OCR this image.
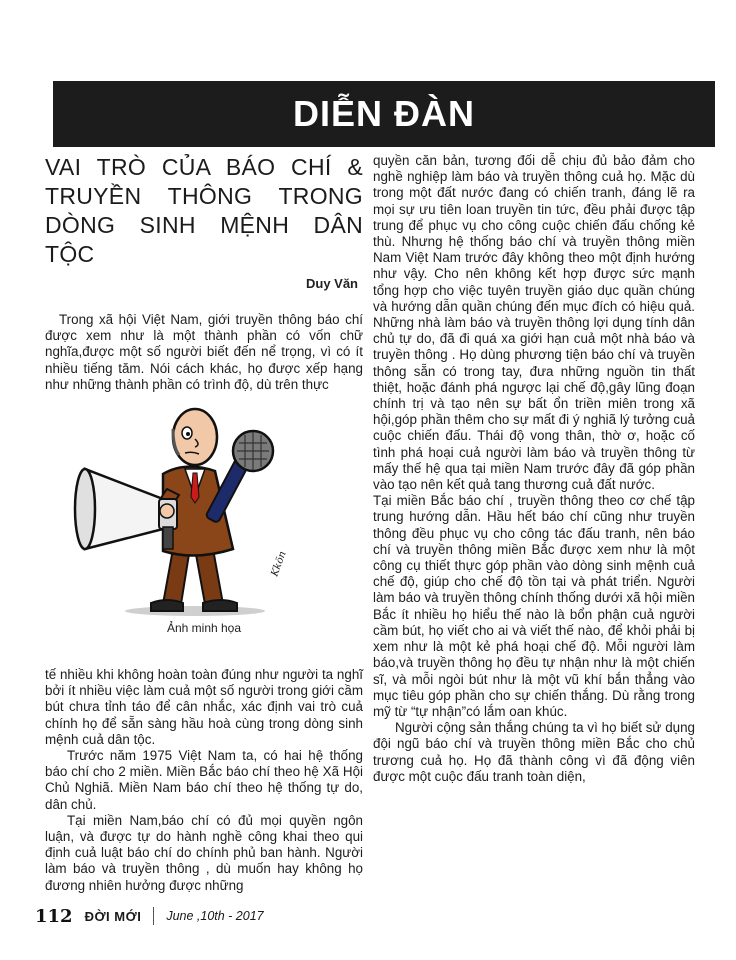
DIỄN ĐÀN
VAI TRÒ CỦA BÁO CHÍ &
TRUYỀN THÔNG TRONG
DÒNG SINH MỆNH DÂN TỘC
Duy Văn

Trong xã hội Việt Nam, giới truyền thông báo chí được xem như là một thành phần có vốn chữ nghĩa,được một số người biết đến nể trọng, vì có ít nhiều tiếng tăm. Nói cách khác, họ được xếp hạng như những thành phần có trình độ, dù trên thực

Kkön
Ảnh minh họa

tế nhiều khi không hoàn toàn đúng như người ta nghĩ bởi ít nhiều việc làm cuả một số người trong giới cầm bút chưa tỉnh táo để cân nhắc, xác định vai trò cuả chính họ để sẵn sàng hầu hoà cùng trong dòng sinh mệnh cuả dân tộc.

Trước năm 1975 Việt Nam ta, có hai hệ thống báo chí cho 2 miền. Miền Bắc báo chí theo hệ Xã Hội Chủ Nghiã. Miền Nam báo chí theo hệ thống tự do, dân chủ.

Tại miền Nam,báo chí có đủ mọi quyền ngôn luận, và được tự do hành nghề công khai theo qui định cuả luật báo chí do chính phủ ban hành. Người làm báo và truyền thông , dù muốn hay không họ đương nhiên hưởng được những

quyền căn bản, tương đối dễ chịu đủ bảo đảm cho nghề nghiệp làm báo và truyền thông cuả họ. Mặc dù trong một đất nước đang có chiến tranh, đáng lẽ ra mọi sự ưu tiên loan truyền tin tức, đều phải được tập trung để phục vụ cho công cuộc chiến đấu chống kẻ thù. Nhưng hệ thống báo chí và truyền thông miền Nam Việt Nam trước đây không theo một định hướng như vậy. Cho nên không kết hợp được sức mạnh tổng hợp cho việc tuyên truyền giáo dục quần chúng và hướng dẫn quần chúng đến mục đích có hiệu quả. Những nhà làm báo và truyền thông lợi dụng tính dân chủ tự do, đã đi quá xa giới hạn cuả một nhà báo và truyền thông . Họ dùng phương tiện báo chí và truyền thông sẵn có trong tay, đưa những nguồn tin thất thiệt, hoặc đánh phá ngược lại chế độ,gây lũng đoạn chính trị và tạo nên sự bất ổn triền miên trong xã hội,góp phần thêm cho sự mất đi ý nghiã lý tưởng cuả cuộc chiến đấu. Thái độ vong thân, thờ ơ, hoặc cố tình phá hoại cuả người làm báo và truyền thông từ mấy thế hệ qua tại miền Nam trước đây đã góp phần vào tạo nên kết quả tang thương cuả đất nước.

Tại miền Bắc báo chí , truyền thông theo cơ chế tập trung hướng dẫn. Hầu hết báo chí cũng như truyền thông đều phục vụ cho công tác đấu tranh, nên báo chí và truyền thông miền Bắc được xem như là một công cụ thiết thực góp phần vào dòng sinh mệnh cuả chế độ, giúp cho chế độ tồn tại và phát triển. Người làm báo và truyền thông chính thống dưới xã hội miền Bắc ít nhiều họ hiểu thế nào là bổn phận cuả người cầm bút, họ viết cho ai và viết thế nào, để khỏi phải bị xem như là một kẻ phá hoại chế độ. Mỗi người làm báo,và truyền thông họ đều tự nhận như là một chiến sĩ, và mỗi ngòi bút như là một vũ khí bắn thẳng vào mục tiêu góp phần cho sự chiến thắng. Dù rằng trong mỹ từ “tự nhận”có lắm oan khúc.

Người cộng sản thắng chúng ta vì họ biết sử dụng đội ngũ báo chí và truyền thông miền Bắc cho chủ trương cuả họ. Họ đã thành công vì đã động viên được một cuộc đấu tranh toàn diện,

112 ĐỜI MỚI June ,10th - 2017
